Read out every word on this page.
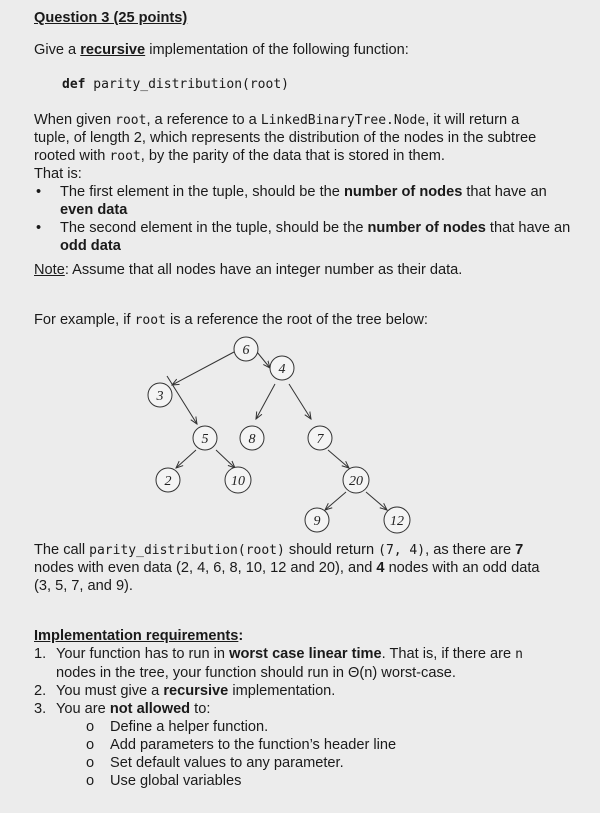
Question 3 (25 points)
Give a recursive implementation of the following function:
def parity_distribution(root)
When given root, a reference to a LinkedBinaryTree.Node, it will return a
tuple, of length 2, which represents the distribution of the nodes in the subtree
rooted with root, by the parity of the data that is stored in them.
That is:
• The first element in the tuple, should be the number of nodes that have an
even data
• The second element in the tuple, should be the number of nodes that have an
odd data
Note: Assume that all nodes have an integer number as their data.
For example, if root is a reference the root of the tree below:
6
3
4
5	8	7
2	10	20
9	12
The call parity_distribution(root) should return (7, 4), as there are 7
nodes with even data (2, 4, 6, 8, 10, 12 and 20), and 4 nodes with an odd data
(3, 5, 7, and 9).
Implementation requirements:
1. Your function has to run in worst case linear time. That is, if there are n
nodes in the tree, your function should run in Θ(n) worst-case.
2. You must give a recursive implementation.
3. You are not allowed to:
o Define a helper function.
o Add parameters to the function’s header line
o Set default values to any parameter.
o Use global variables
